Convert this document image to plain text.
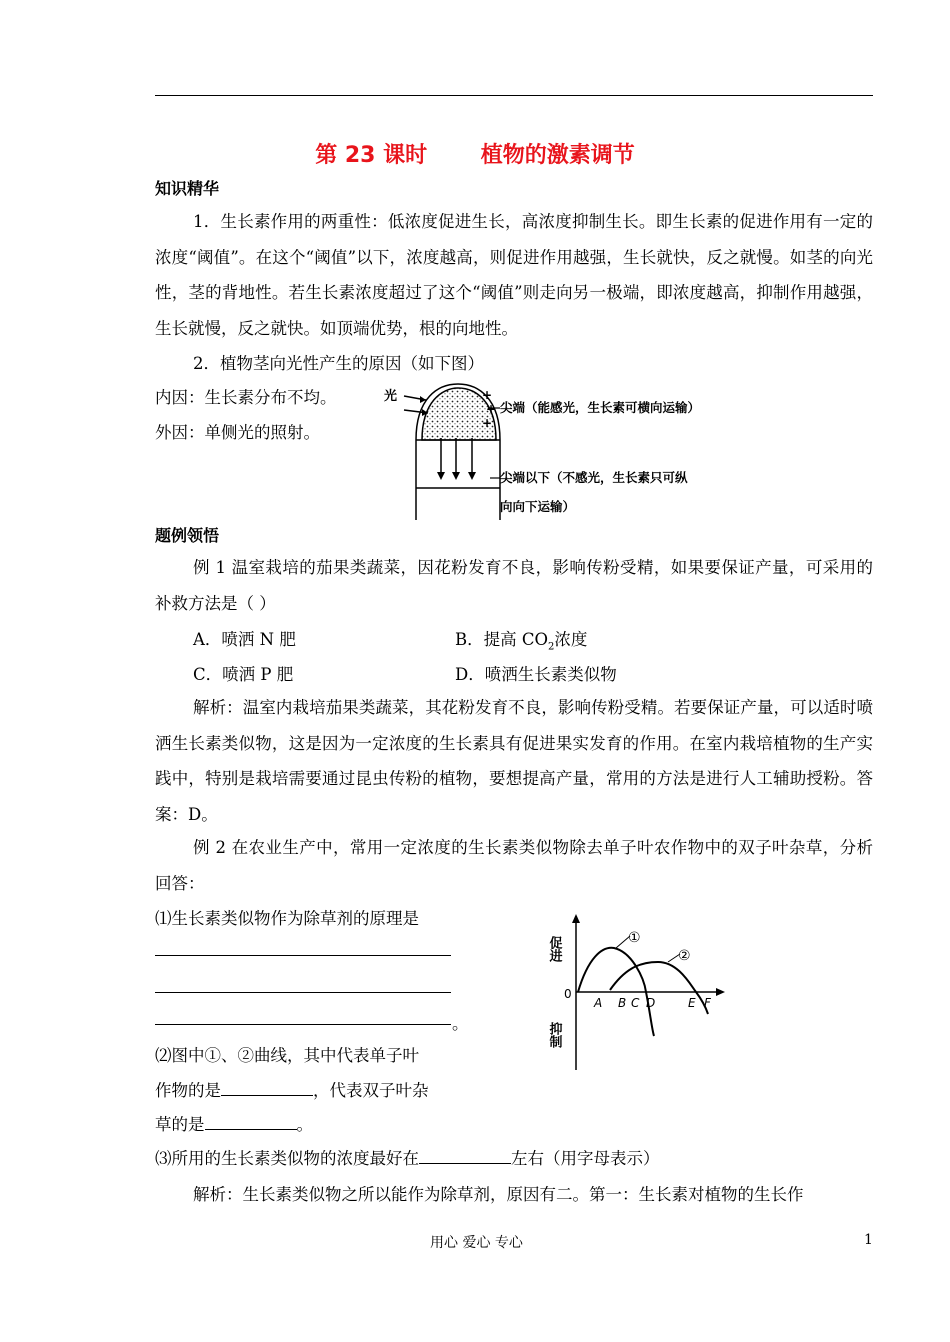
第 23 课时       植物的激素调节
知识精华
1．生长素作用的两重性：低浓度促进生长，高浓度抑制生长。即生长素的促进作用有一定的浓度“阈值”。在这个“阈值”以下，浓度越高，则促进作用越强，生长就快，反之就慢。如茎的向光性，茎的背地性。若生长素浓度超过了这个“阈值”则走向另一极端，即浓度越高，抑制作用越强，生长就慢，反之就快。如顶端优势，根的向地性。
2．植物茎向光性产生的原因（如下图）
内因：生长素分布不均。
外因：单侧光的照射。
光	+
+
+
尖端（能感光，生长素可横向运输）
尖端以下（不感光，生长素只可纵
向向下运输）
题例领悟
例 1 温室栽培的茄果类蔬菜，因花粉发育不良，影响传粉受精，如果要保证产量，可采用的补救方法是（ ）
A．喷洒 N 肥	B．提高 $CO_2$浓度
C．喷洒 P 肥	D．喷洒生长素类似物
解析：温室内栽培茄果类蔬菜，其花粉发育不良，影响传粉受精。若要保证产量，可以适时喷洒生长素类似物，这是因为一定浓度的生长素具有促进果实发育的作用。在室内栽培植物的生产实践中，特别是栽培需要通过昆虫传粉的植物，要想提高产量，常用的方法是进行人工辅助授粉。答案：D。
例 2 在农业生产中，常用一定浓度的生长素类似物除去单子叶农作物中的双子叶杂草，分析回答：
⑴生长素类似物作为除草剂的原理是
。
⑵图中①、②曲线，其中代表单子叶
作物的是	，代表双子叶杂
草的是	。
⑶所用的生长素类似物的浓度最好在	左右（用字母表示）
解析：生长素类似物之所以能作为除草剂，原因有二。第一：生长素对植物的生长作
促进
抑制
0
①
②
A B C D	E F
用心 爱心 专心	1
